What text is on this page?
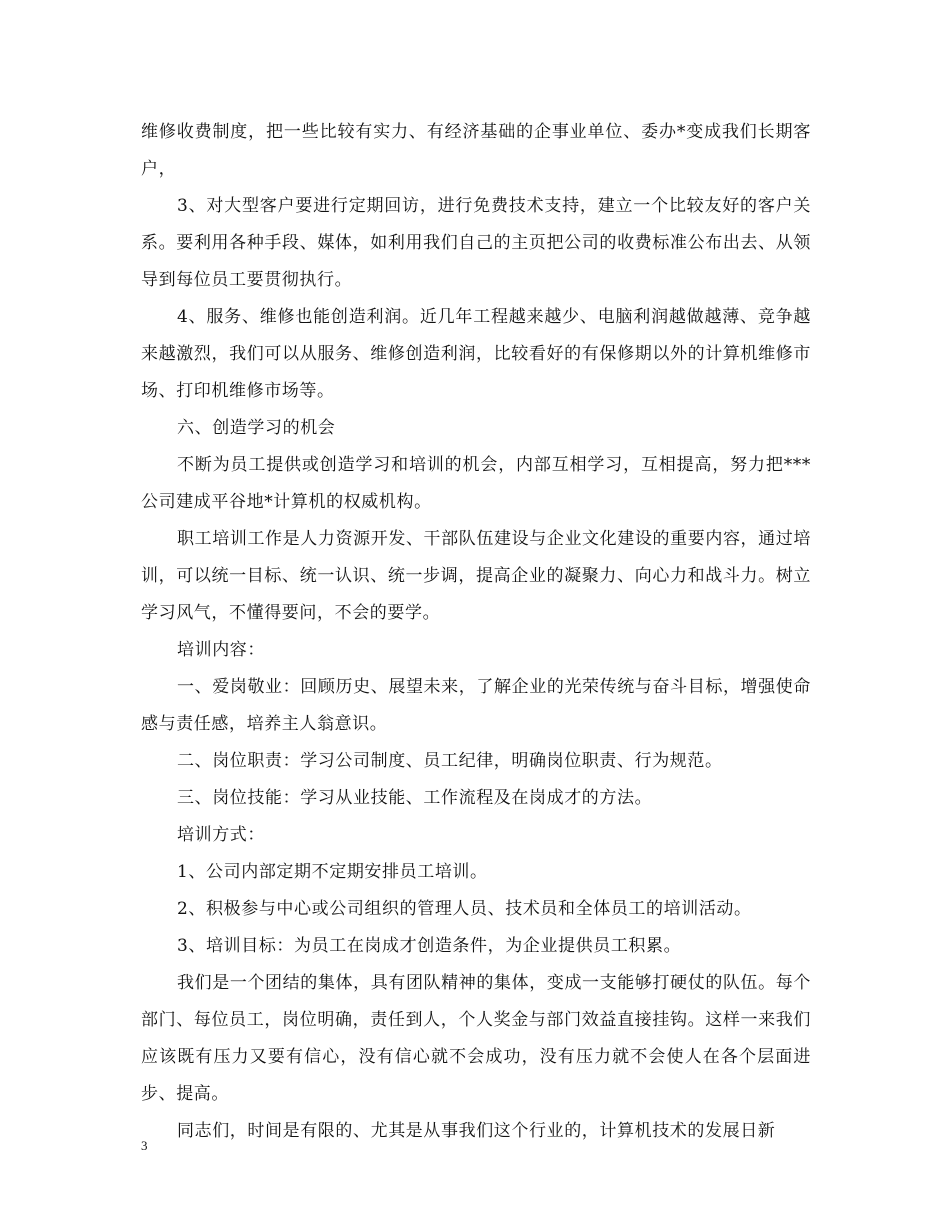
维修收费制度，把一些比较有实力、有经济基础的企事业单位、委办*变成我们长期客户，

3、对大型客户要进行定期回访，进行免费技术支持，建立一个比较友好的客户关系。要利用各种手段、媒体，如利用我们自己的主页把公司的收费标准公布出去、从领导到每位员工要贯彻执行。

4、服务、维修也能创造利润。近几年工程越来越少、电脑利润越做越薄、竞争越来越激烈，我们可以从服务、维修创造利润，比较看好的有保修期以外的计算机维修市场、打印机维修市场等。

六、创造学习的机会

不断为员工提供或创造学习和培训的机会，内部互相学习，互相提高，努力把***公司建成平谷地*计算机的权威机构。

职工培训工作是人力资源开发、干部队伍建设与企业文化建设的重要内容，通过培训，可以统一目标、统一认识、统一步调，提高企业的凝聚力、向心力和战斗力。树立学习风气，不懂得要问，不会的要学。

培训内容：

一、爱岗敬业：回顾历史、展望未来，了解企业的光荣传统与奋斗目标，增强使命感与责任感，培养主人翁意识。

二、岗位职责：学习公司制度、员工纪律，明确岗位职责、行为规范。

三、岗位技能：学习从业技能、工作流程及在岗成才的方法。

培训方式：

1、公司内部定期不定期安排员工培训。

2、积极参与中心或公司组织的管理人员、技术员和全体员工的培训活动。

3、培训目标：为员工在岗成才创造条件，为企业提供员工积累。

我们是一个团结的集体，具有团队精神的集体，变成一支能够打硬仗的队伍。每个部门、每位员工，岗位明确，责任到人，个人奖金与部门效益直接挂钩。这样一来我们应该既有压力又要有信心，没有信心就不会成功，没有压力就不会使人在各个层面进步、提高。

同志们，时间是有限的、尤其是从事我们这个行业的，计算机技术的发展日新

3
